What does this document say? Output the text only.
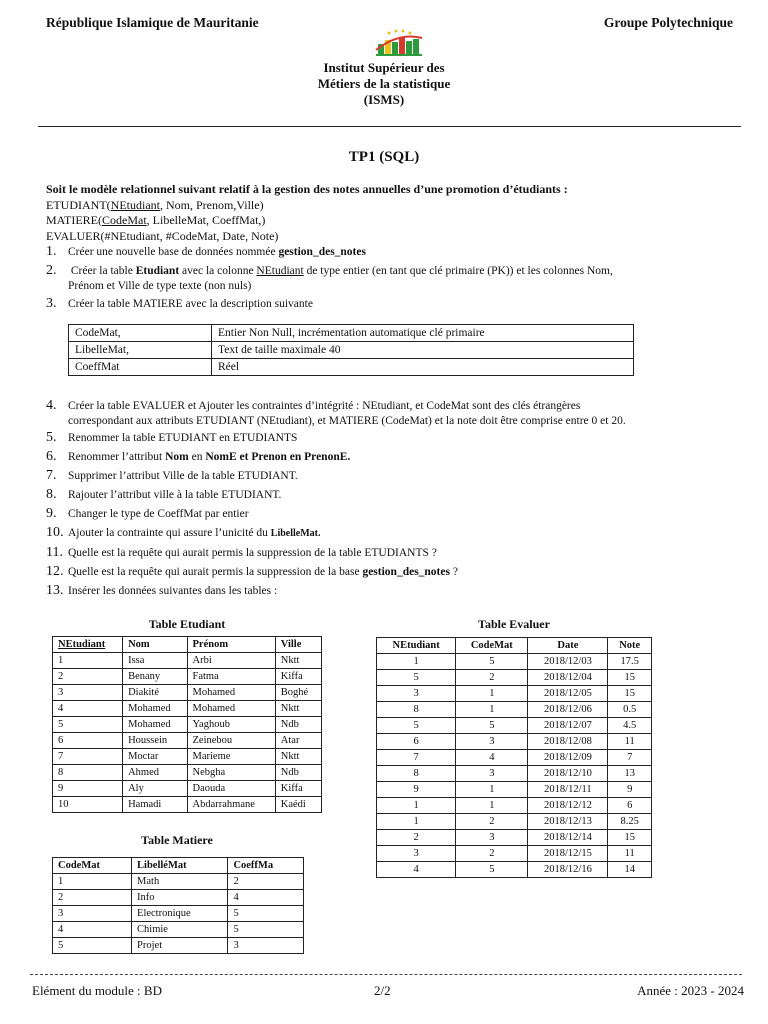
République Islamique de Mauritanie	Groupe Polytechnique
Institut Supérieur des
Métiers de la statistique
(ISMS)
TP1 (SQL)
Soit le modèle relationnel suivant relatif à la gestion des notes annuelles d’une promotion d’étudiants :
ETUDIANT(NEtudiant, Nom, Prenom,Ville)
MATIERE(CodeMat, LibelleMat, CoeffMat,)
EVALUER(#NEtudiant, #CodeMat, Date, Note)
1. Créer une nouvelle base de données nommée gestion_des_notes
2. Créer la table Etudiant avec la colonne NEtudiant de type entier (en tant que clé primaire (PK)) et les colonnes Nom,
Prénom et Ville de type texte (non nuls)
3. Créer la table MATIERE avec la description suivante
CodeMat,	Entier Non Null, incrémentation automatique clé primaire
LibelleMat,	Text de taille maximale 40
CoeffMat	Réel
4. Créer la table EVALUER et Ajouter les contraintes d’intégrité : NEtudiant, et CodeMat sont des clés étrangères
correspondant aux attributs ETUDIANT (NEtudiant), et MATIERE (CodeMat) et la note doit être comprise entre 0 et 20.
5. Renommer la table ETUDIANT en ETUDIANTS
6. Renommer l’attribut Nom en NomE et Prenon en PrenonE.
7. Supprimer l’attribut Ville de la table ETUDIANT.
8. Rajouter l’attribut ville à la table ETUDIANT.
9. Changer le type de CoeffMat par entier
10. Ajouter la contrainte qui assure l’unicité du LibelleMat.
11. Quelle est la requête qui aurait permis la suppression de la table ETUDIANTS ?
12. Quelle est la requête qui aurait permis la suppression de la base gestion_des_notes ?
13. Insérer les données suivantes dans les tables :
Table Etudiant
NEtudiant	Nom	Prénom	Ville
1	Issa	Arbi	Nktt
2	Benany	Fatma	Kiffa
3	Diakité	Mohamed	Boghé
4	Mohamed	Mohamed	Nktt
5	Mohamed	Yaghoub	Ndb
6	Houssein	Zeinebou	Atar
7	Moctar	Marieme	Nktt
8	Ahmed	Nebgha	Ndb
9	Aly	Daouda	Kiffa
10	Hamadi	Abdarrahmane	Kaédi
Table Matiere
CodeMat	LibelléMat	CoeffMa
1	Math	2
2	Info	4
3	Electronique	5
4	Chimie	5
5	Projet	3
Table Evaluer
NEtudiant	CodeMat	Date	Note
1	5	2018/12/03	17.5
5	2	2018/12/04	15
3	1	2018/12/05	15
8	1	2018/12/06	0.5
5	5	2018/12/07	4.5
6	3	2018/12/08	11
7	4	2018/12/09	7
8	3	2018/12/10	13
9	1	2018/12/11	9
1	1	2018/12/12	6
1	2	2018/12/13	8.25
2	3	2018/12/14	15
3	2	2018/12/15	11
4	5	2018/12/16	14
Elément du module : BD	2/2	Année : 2023 - 2024
